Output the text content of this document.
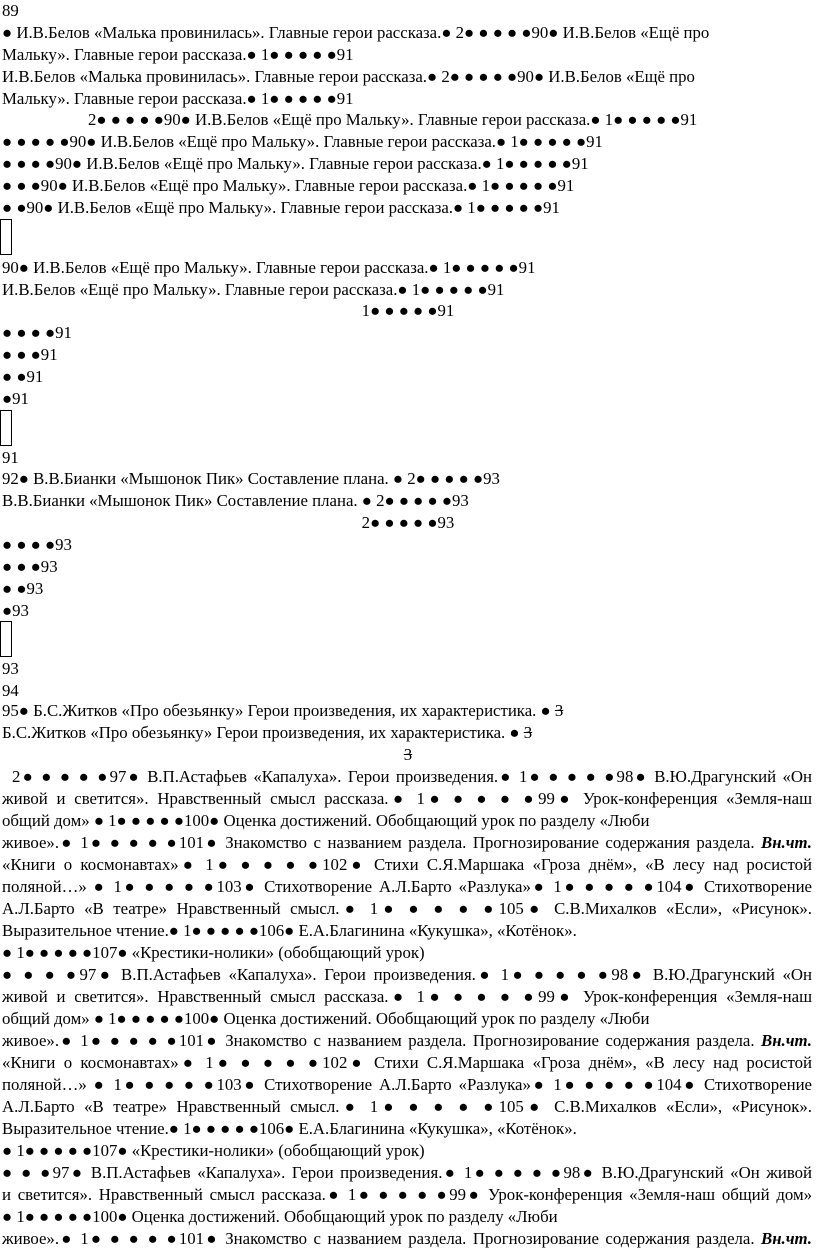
89
● И.В.Белов «Малька провинилась». Главные герои рассказа.● 2● ● ● ● ●90● И.В.Белов «Ещё про
Мальку». Главные герои рассказа.● 1● ● ● ● ●91
И.В.Белов «Малька провинилась». Главные герои рассказа.● 2● ● ● ● ●90● И.В.Белов «Ещё про
Мальку». Главные герои рассказа.● 1● ● ● ● ●91
2● ● ● ● ●90● И.В.Белов «Ещё про Мальку». Главные герои рассказа.● 1● ● ● ● ●91
● ● ● ● ●90● И.В.Белов «Ещё про Мальку». Главные герои рассказа.● 1● ● ● ● ●91
● ● ● ●90● И.В.Белов «Ещё про Мальку». Главные герои рассказа.● 1● ● ● ● ●91
● ● ●90● И.В.Белов «Ещё про Мальку». Главные герои рассказа.● 1● ● ● ● ●91
● ●90● И.В.Белов «Ещё про Мальку». Главные герои рассказа.● 1● ● ● ● ●91
90● И.В.Белов «Ещё про Мальку». Главные герои рассказа.● 1● ● ● ● ●91
И.В.Белов «Ещё про Мальку». Главные герои рассказа.● 1● ● ● ● ●91
1● ● ● ● ●91
● ● ● ●91
● ● ●91
● ●91
●91
91
92● В.В.Бианки «Мышонок Пик» Составление плана. ● 2● ● ● ● ●93
В.В.Бианки «Мышонок Пик» Составление плана. ● 2● ● ● ● ●93
2● ● ● ● ●93
● ● ● ●93
● ● ●93
● ●93
●93
93
94
95● Б.С.Житков «Про обезьянку» Герои произведения, их характеристика. ● 3
Б.С.Житков «Про обезьянку» Герои произведения, их характеристика. ● 3
3
2● ● ● ● ●97● В.П.Астафьев «Капалуха». Герои произведения.● 1● ● ● ● ●98● В.Ю.Драгунский «Он
живой и светится». Нравственный смысл рассказа.● 1● ● ● ● ●99● Урок-конференция «Земля-наш
общий дом» ● 1● ● ● ● ●100● Оценка достижений. Обобщающий урок по разделу «Люби
живое».● 1● ● ● ● ●101● Знакомство с названием раздела. Прогнозирование содержания раздела. Вн.чт.
«Книги о космонавтах»● 1● ● ● ● ●102● Стихи С.Я.Маршака «Гроза днём», «В лесу над росистой
поляной…» ● 1● ● ● ● ●103● Стихотворение А.Л.Барто «Разлука»● 1● ● ● ● ●104● Стихотворение
А.Л.Барто «В театре» Нравственный смысл.● 1● ● ● ● ●105● С.В.Михалков «Если», «Рисунок».
Выразительное чтение.● 1● ● ● ● ●106● Е.А.Благинина «Кукушка», «Котёнок».
● 1● ● ● ● ●107● «Крестики-нолики» (обобщающий урок)
● ● ● ●97● В.П.Астафьев «Капалуха». Герои произведения.● 1● ● ● ● ●98● В.Ю.Драгунский «Он
живой и светится». Нравственный смысл рассказа.● 1● ● ● ● ●99● Урок-конференция «Земля-наш
общий дом» ● 1● ● ● ● ●100● Оценка достижений. Обобщающий урок по разделу «Люби
живое».● 1● ● ● ● ●101● Знакомство с названием раздела. Прогнозирование содержания раздела. Вн.чт.
«Книги о космонавтах»● 1● ● ● ● ●102● Стихи С.Я.Маршака «Гроза днём», «В лесу над росистой
поляной…» ● 1● ● ● ● ●103● Стихотворение А.Л.Барто «Разлука»● 1● ● ● ● ●104● Стихотворение
А.Л.Барто «В театре» Нравственный смысл.● 1● ● ● ● ●105● С.В.Михалков «Если», «Рисунок».
Выразительное чтение.● 1● ● ● ● ●106● Е.А.Благинина «Кукушка», «Котёнок».
● 1● ● ● ● ●107● «Крестики-нолики» (обобщающий урок)
● ● ●97● В.П.Астафьев «Капалуха». Герои произведения.● 1● ● ● ● ●98● В.Ю.Драгунский «Он живой
и светится». Нравственный смысл рассказа.● 1● ● ● ● ●99● Урок-конференция «Земля-наш общий дом»
● 1● ● ● ● ●100● Оценка достижений. Обобщающий урок по разделу «Люби
живое».● 1● ● ● ● ●101● Знакомство с названием раздела. Прогнозирование содержания раздела. Вн.чт.
